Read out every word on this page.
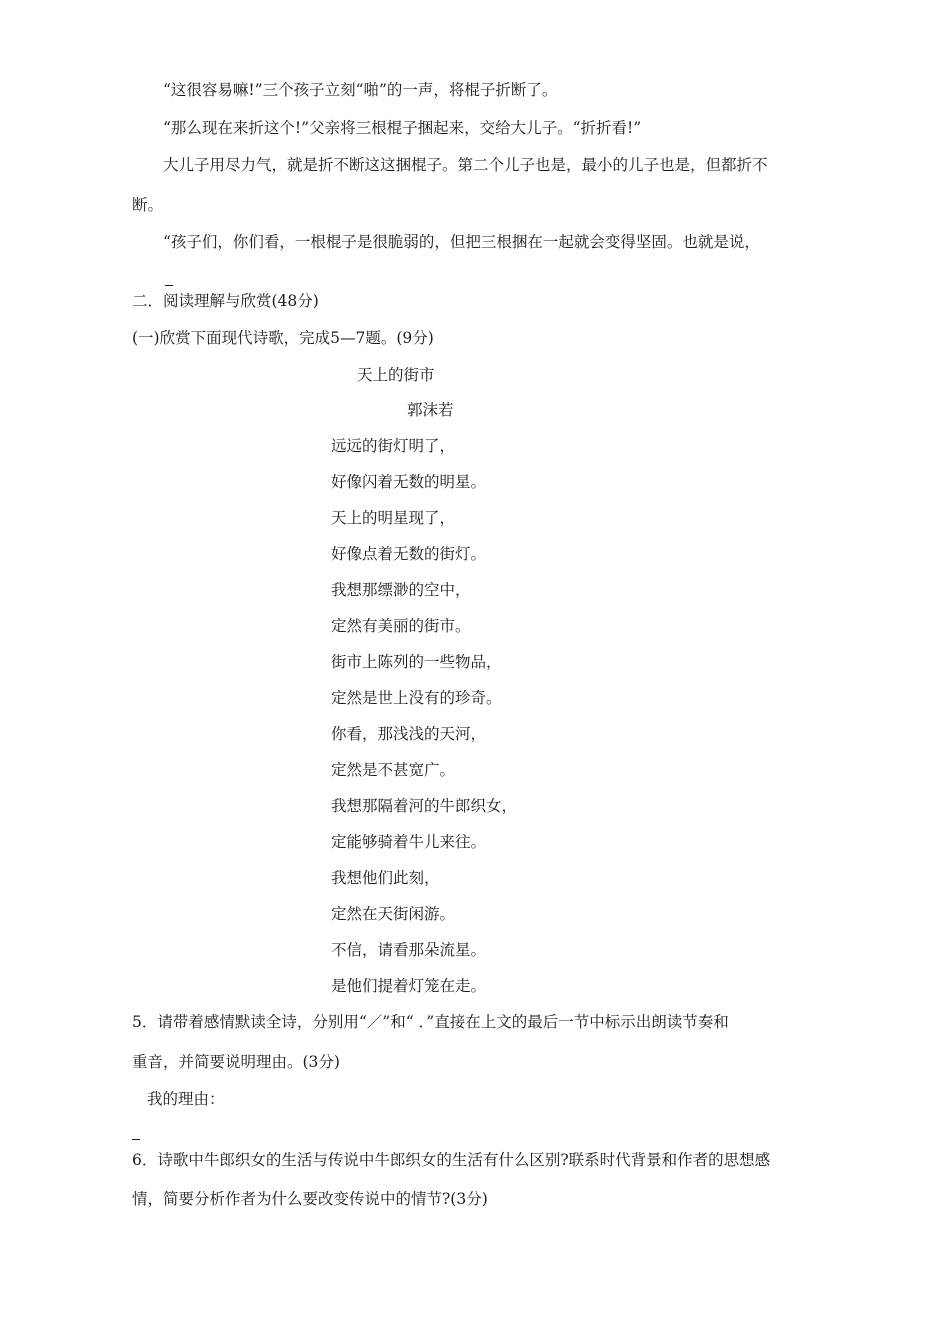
“这很容易嘛!”三个孩子立刻“啪”的一声，将棍子折断了。
“那么现在来折这个!”父亲将三根棍子捆起来，交给大儿子。“折折看!”
大儿子用尽力气，就是折不断这这捆棍子。第二个儿子也是，最小的儿子也是，但都折不
断。
“孩子们，你们看，一根棍子是很脆弱的，但把三根捆在一起就会变得坚固。也就是说，
二．阅读理解与欣赏(48分)
(一)欣赏下面现代诗歌，完成5—7题。(9分)
天上的街市
郭沫若
远远的街灯明了，
好像闪着无数的明星。
天上的明星现了，
好像点着无数的街灯。
我想那缥渺的空中，
定然有美丽的街市。
街市上陈列的一些物品，
定然是世上没有的珍奇。
你看，那浅浅的天河，
定然是不甚宽广。
我想那隔着河的牛郎织女，
定能够骑着牛儿来往。
我想他们此刻，
定然在天街闲游。
不信，请看那朵流星。
是他们提着灯笼在走。
5．请带着感情默读全诗，分别用“／”和“ ．”直接在上文的最后一节中标示出朗读节奏和
重音，并简要说明理由。(3分)
我的理由：
6．诗歌中牛郎织女的生活与传说中牛郎织女的生活有什么区别?联系时代背景和作者的思想感
情，简要分析作者为什么要改变传说中的情节?(3分)
